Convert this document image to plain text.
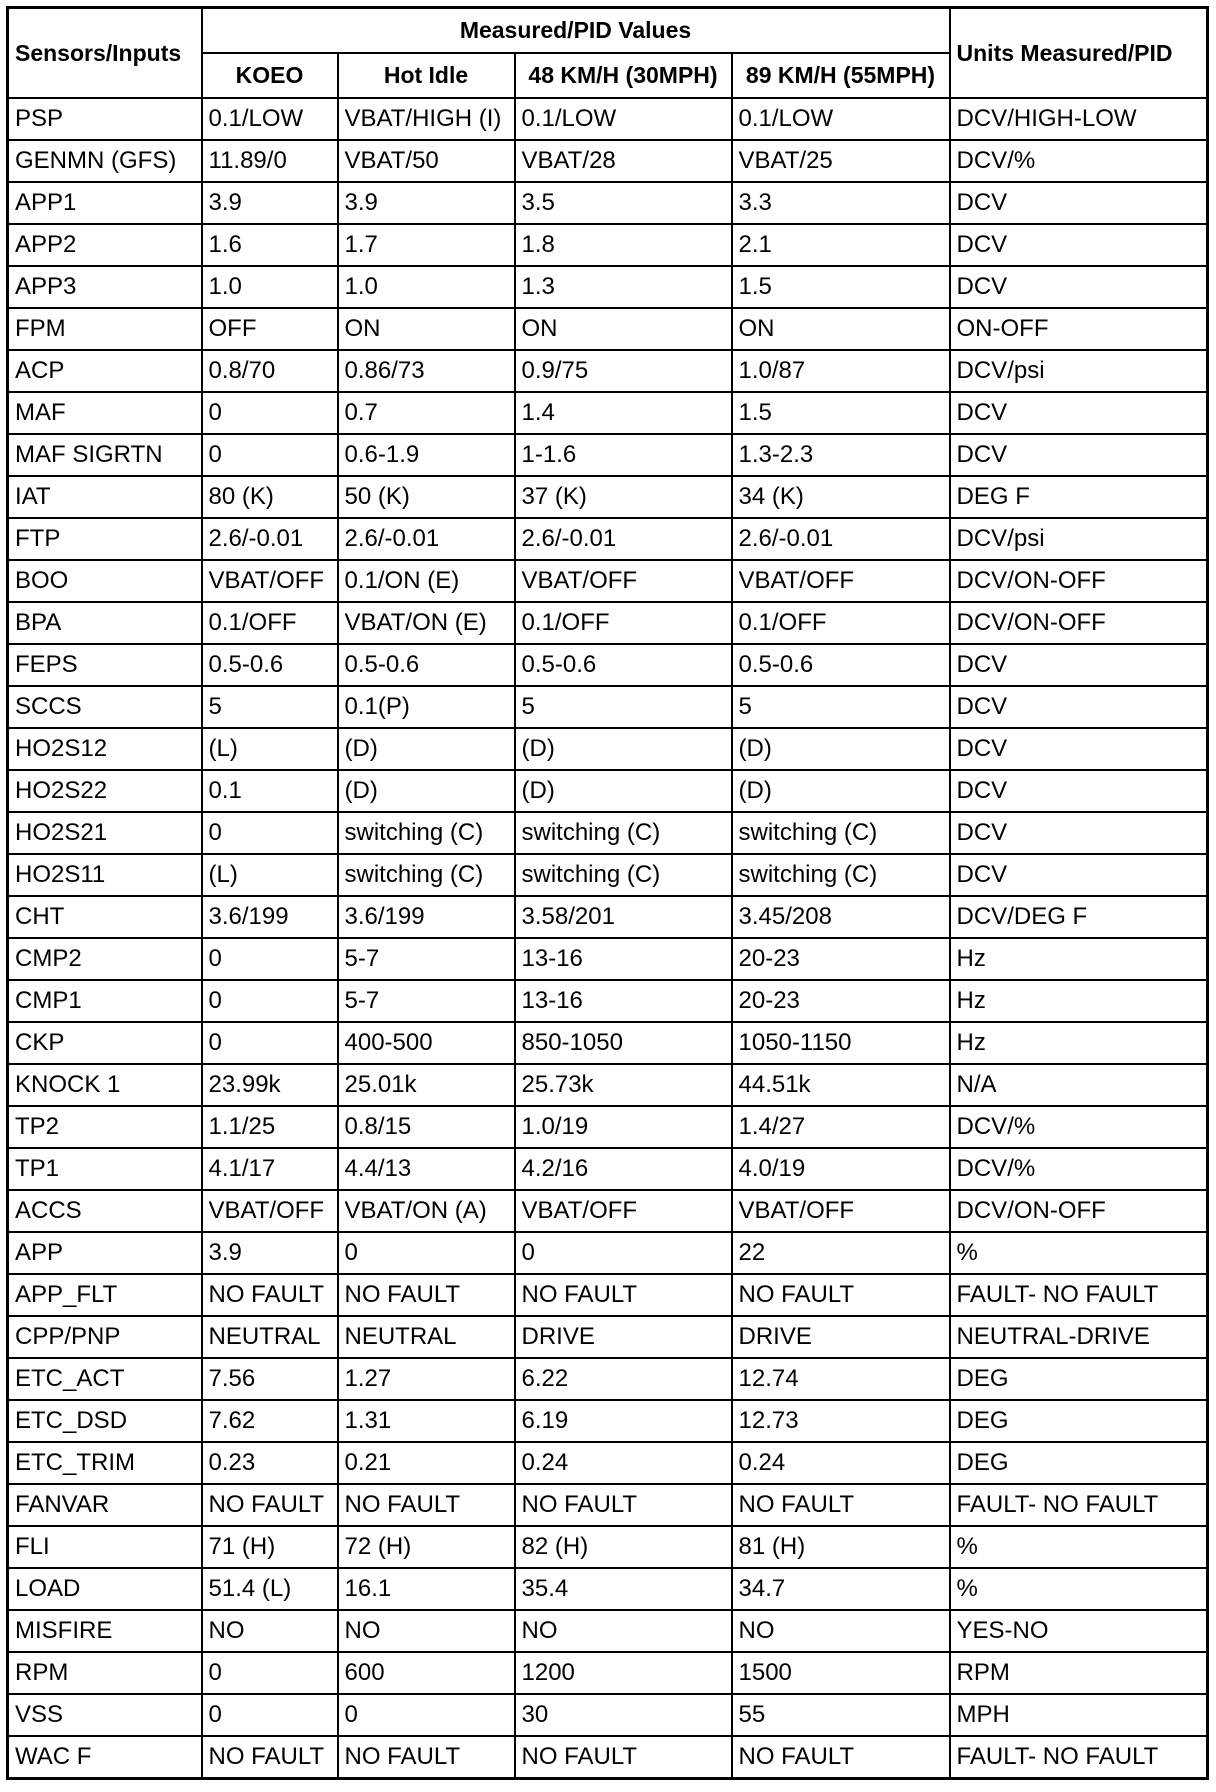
Sensors/Inputs	Measured/PID Values				Units Measured/PID
	KOEO	Hot Idle	48 KM/H (30MPH)	89 KM/H (55MPH)	
PSP	0.1/LOW	VBAT/HIGH (I)	0.1/LOW	0.1/LOW	DCV/HIGH-LOW
GENMN (GFS)	11.89/0	VBAT/50	VBAT/28	VBAT/25	DCV/%
APP1	3.9	3.9	3.5	3.3	DCV
APP2	1.6	1.7	1.8	2.1	DCV
APP3	1.0	1.0	1.3	1.5	DCV
FPM	OFF	ON	ON	ON	ON-OFF
ACP	0.8/70	0.86/73	0.9/75	1.0/87	DCV/psi
MAF	0	0.7	1.4	1.5	DCV
MAF SIGRTN	0	0.6-1.9	1-1.6	1.3-2.3	DCV
IAT	80 (K)	50 (K)	37 (K)	34 (K)	DEG F
FTP	2.6/-0.01	2.6/-0.01	2.6/-0.01	2.6/-0.01	DCV/psi
BOO	VBAT/OFF	0.1/ON (E)	VBAT/OFF	VBAT/OFF	DCV/ON-OFF
BPA	0.1/OFF	VBAT/ON (E)	0.1/OFF	0.1/OFF	DCV/ON-OFF
FEPS	0.5-0.6	0.5-0.6	0.5-0.6	0.5-0.6	DCV
SCCS	5	0.1(P)	5	5	DCV
HO2S12	(L)	(D)	(D)	(D)	DCV
HO2S22	0.1	(D)	(D)	(D)	DCV
HO2S21	0	switching (C)	switching (C)	switching (C)	DCV
HO2S11	(L)	switching (C)	switching (C)	switching (C)	DCV
CHT	3.6/199	3.6/199	3.58/201	3.45/208	DCV/DEG F
CMP2	0	5-7	13-16	20-23	Hz
CMP1	0	5-7	13-16	20-23	Hz
CKP	0	400-500	850-1050	1050-1150	Hz
KNOCK 1	23.99k	25.01k	25.73k	44.51k	N/A
TP2	1.1/25	0.8/15	1.0/19	1.4/27	DCV/%
TP1	4.1/17	4.4/13	4.2/16	4.0/19	DCV/%
ACCS	VBAT/OFF	VBAT/ON (A)	VBAT/OFF	VBAT/OFF	DCV/ON-OFF
APP	3.9	0	0	22	%
APP_FLT	NO FAULT	NO FAULT	NO FAULT	NO FAULT	FAULT- NO FAULT
CPP/PNP	NEUTRAL	NEUTRAL	DRIVE	DRIVE	NEUTRAL-DRIVE
ETC_ACT	7.56	1.27	6.22	12.74	DEG
ETC_DSD	7.62	1.31	6.19	12.73	DEG
ETC_TRIM	0.23	0.21	0.24	0.24	DEG
FANVAR	NO FAULT	NO FAULT	NO FAULT	NO FAULT	FAULT- NO FAULT
FLI	71 (H)	72 (H)	82 (H)	81 (H)	%
LOAD	51.4 (L)	16.1	35.4	34.7	%
MISFIRE	NO	NO	NO	NO	YES-NO
RPM	0	600	1200	1500	RPM
VSS	0	0	30	55	MPH
WAC F	NO FAULT	NO FAULT	NO FAULT	NO FAULT	FAULT- NO FAULT
